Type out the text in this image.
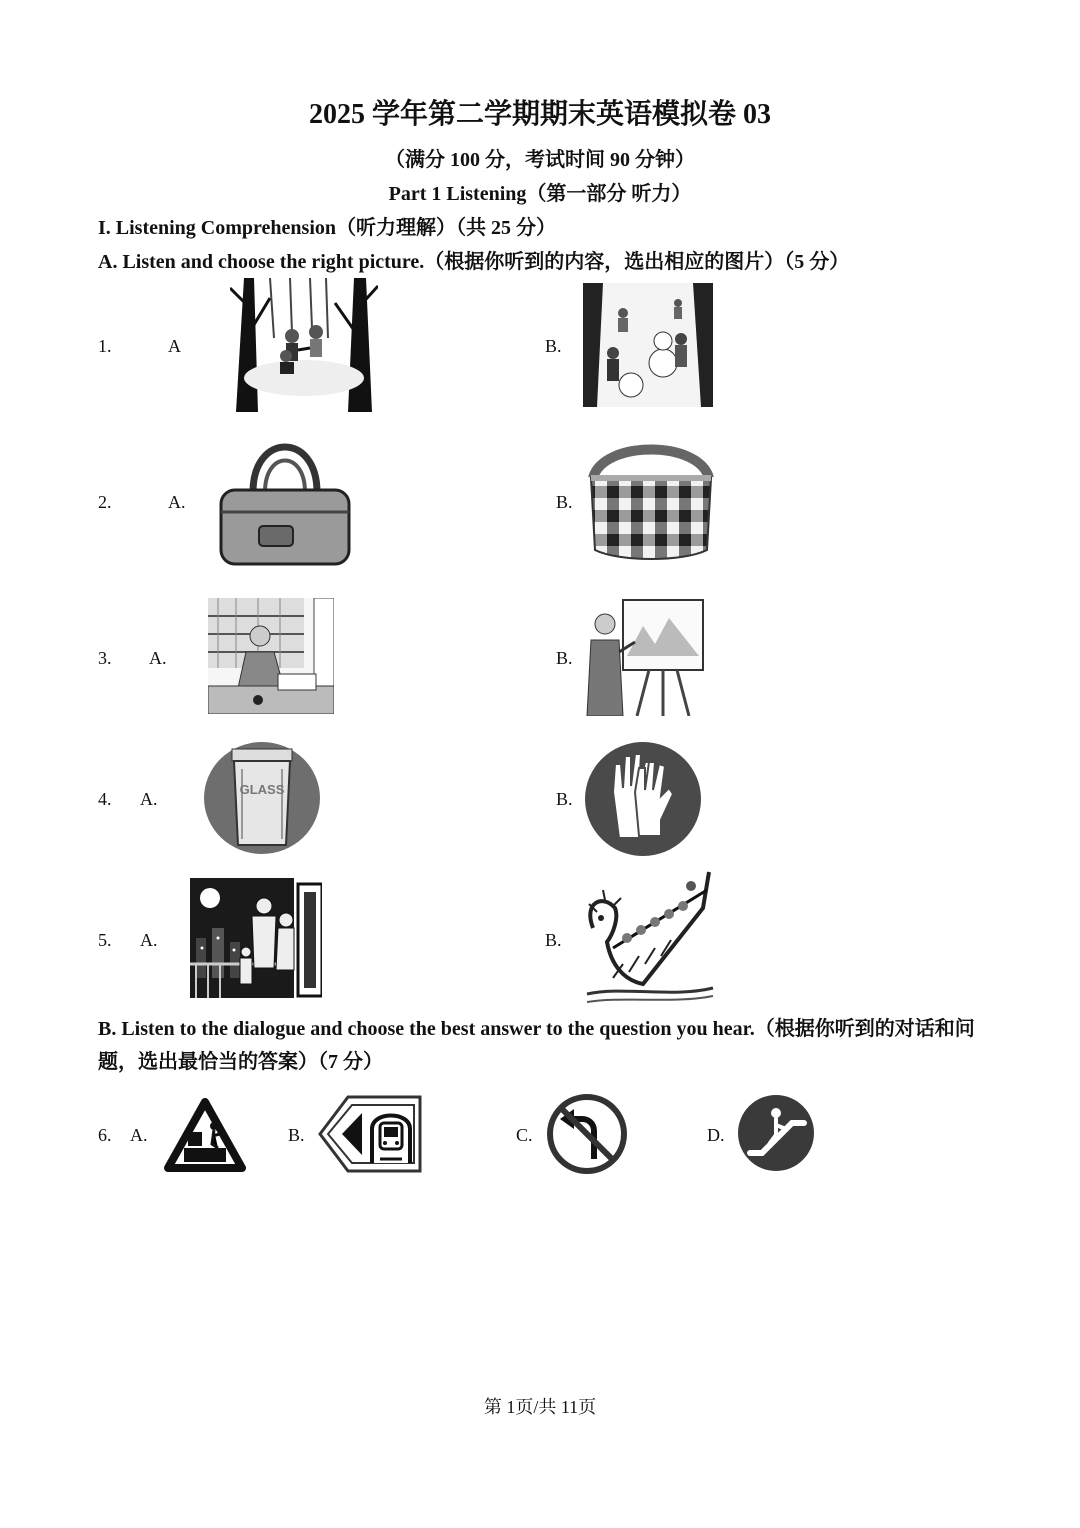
2025 学年第二学期期末英语模拟卷 03
（满分 100 分，考试时间 90 分钟）
Part 1 Listening（第一部分 听力）
I. Listening Comprehension（听力理解）（共 25 分）
A. Listen and choose the right picture.（根据你听到的内容，选出相应的图片）（5 分）
1.	A	B.
2.	A.	B.
3. A.	B.
4. A.	GLASS	B.
5. A.	B.
B. Listen to the dialogue and choose the best answer to the question you hear.（根据你听到的对话和问题，选出最恰当的答案）（7 分）
6. A.	B.	C.	D.
第 1页/共 11页
